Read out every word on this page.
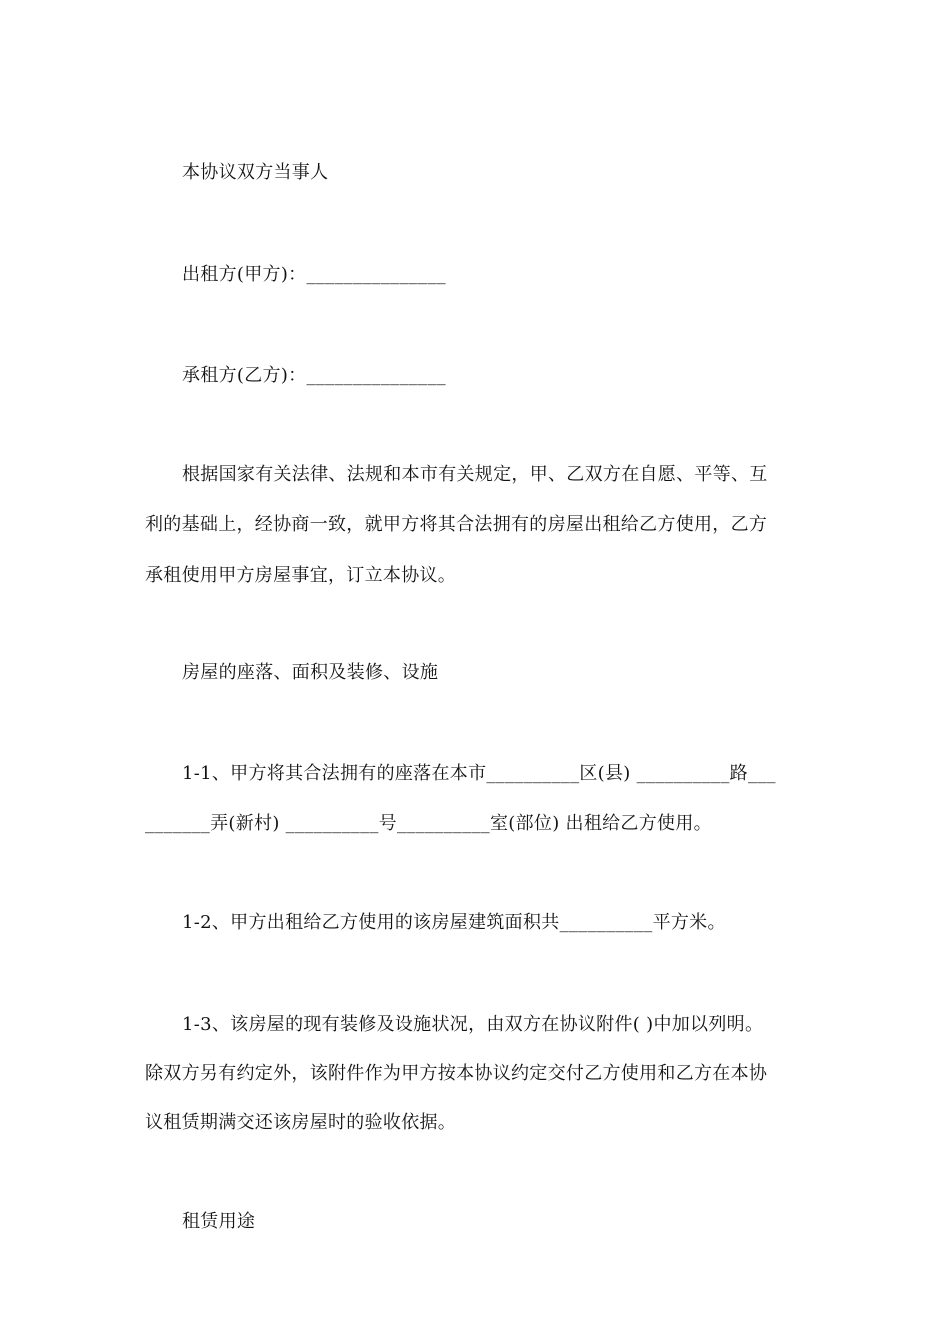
本协议双方当事人
出租方(甲方)：_______________
承租方(乙方)：_______________
根据国家有关法律、法规和本市有关规定，甲、乙双方在自愿、平等、互
利的基础上，经协商一致，就甲方将其合法拥有的房屋出租给乙方使用，乙方
承租使用甲方房屋事宜，订立本协议。
房屋的座落、面积及装修、设施
1-1、甲方将其合法拥有的座落在本市__________区(县) __________路___
_______弄(新村) __________号__________室(部位) 出租给乙方使用。
1-2、甲方出租给乙方使用的该房屋建筑面积共__________平方米。
1-3、该房屋的现有装修及设施状况，由双方在协议附件( )中加以列明。
除双方另有约定外，该附件作为甲方按本协议约定交付乙方使用和乙方在本协
议租赁期满交还该房屋时的验收依据。
租赁用途
